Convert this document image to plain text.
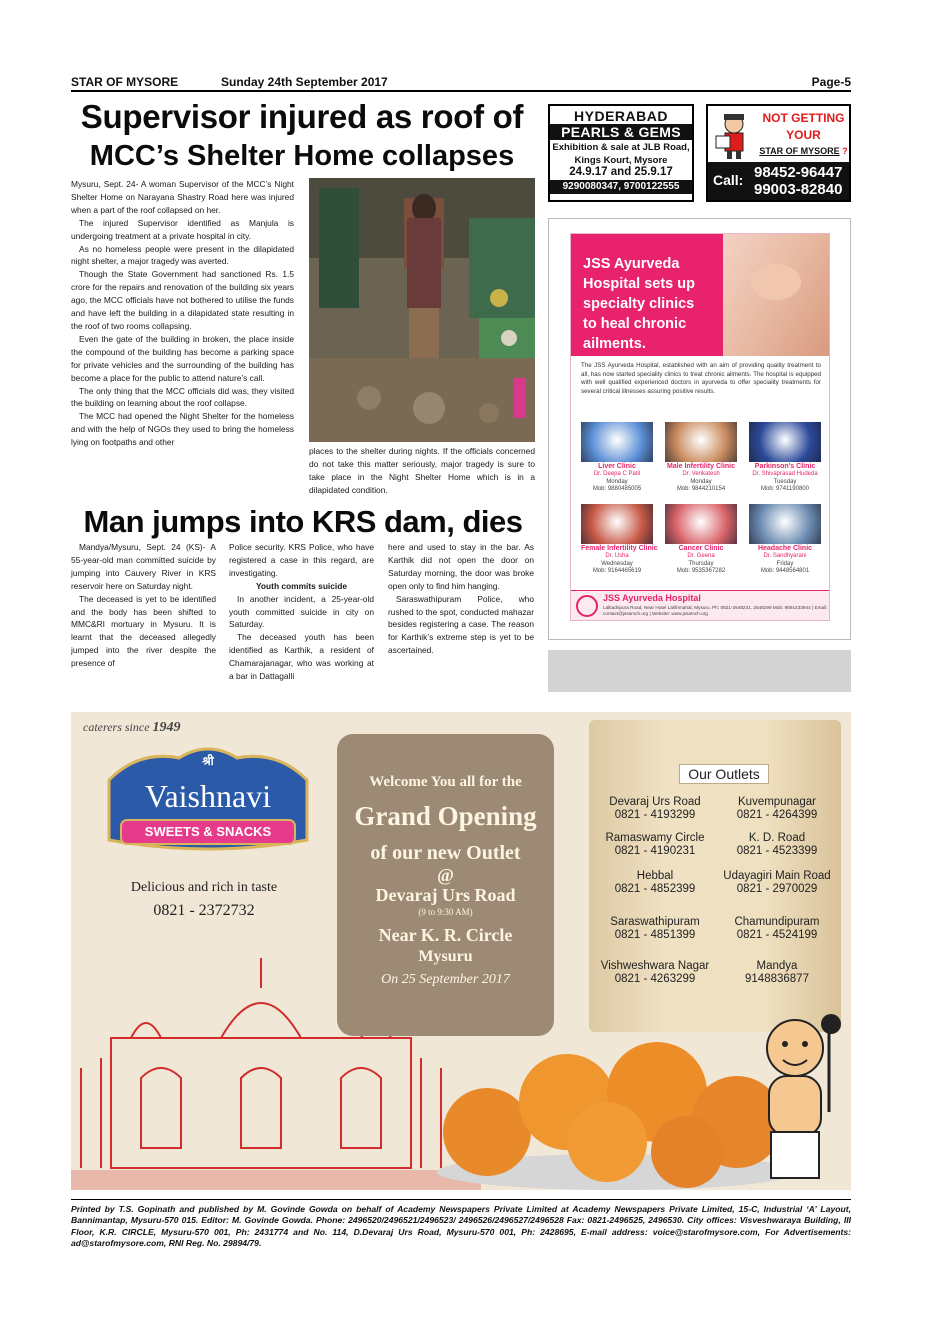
STAR OF MYSORE	Sunday 24th September 2017	Page-5
Supervisor injured as roof of
MCC’s Shelter Home collapses

Mysuru, Sept. 24- A woman Supervisor of the MCC’s Night Shelter Home on Narayana Shastry Road here was injured when a part of the roof collapsed on her.

The injured Supervisor identified as Manjula is undergoing treatment at a private hospital in city.

As no homeless people were present in the dilapidated night shelter, a major tragedy was averted.

Though the State Government had sanctioned Rs. 1.5 crore for the repairs and renovation of the building six years ago, the MCC officials have not bothered to utilise the funds and have left the building in a dilapidated state resulting in the roof of two rooms collapsing.

Even the gate of the building in broken, the place inside the compound of the building has become a parking space for private vehicles and the surrounding of the building has become a place for the public to attend nature’s call.

The only thing that the MCC officials did was, they visited the building on learning about the roof collapse.

The MCC had opened the Night Shelter for the homeless and with the help of NGOs they used to bring the homeless lying on footpaths and other

places to the shelter during nights. If the officials concerned do not take this matter seriously, major tragedy is sure to take place in the Night Shelter Home which is in a dilapidated condition.

Man jumps into KRS dam, dies

Mandya/Mysuru, Sept. 24 (KS)- A 55-year-old man committed suicide by jumping into Cauvery River in KRS reservoir here on Saturday night.

The deceased is yet to be identified and the body has been shifted to MMC&RI mortuary in Mysuru. It is learnt that the deceased allegedly jumped into the river despite the presence of

Police security. KRS Police, who have registered a case in this regard, are investigating.

Youth commits suicide

In another incident, a 25-year-old youth committed suicide in city on Saturday.

The deceased youth has been identified as Karthik, a resident of Chamarajanagar, who was working at a bar in Dattagalli

here and used to stay in the bar. As Karthik did not open the door on Saturday morning, the door was broke open only to find him hanging.

Saraswathipuram Police, who rushed to the spot, conducted mahazar besides registering a case. The reason for Karthik’s extreme step is yet to be ascertained.

HYDERABAD
PEARLS & GEMS
Exhibition & sale at JLB Road,
Kings Kourt, Mysore
24.9.17 and 25.9.17
9290080347, 9700122555
NOT GETTING
YOUR
STAR OF MYSORE ?
Call: 98452-96447
99003-82840
JSS Ayurveda
Hospital sets up
specialty clinics
to heal chronic
ailments.
The JSS Ayurveda Hospital, established with an aim of providing quality treatment to all, has now started speciality clinics to treat chronic ailments. The hospital is equipped with well qualified experienced doctors in ayurveda to offer speciality treatments for several critical illnesses assuring positive results.
Liver Clinic
Dr. Deepa C Patil
Monday
Mob: 9880485005
Male Infertility Clinic
Dr. Venkatesh
Monday
Mob: 9844210154
Parkinson's Clinic
Dr. Shivaprasad Hudeda
Tuesday
Mob: 9741190800
Female Infertility Clinic
Dr. Usha
Wednesday
Mob: 9164465619
Cancer Clinic
Dr. Geena
Thursday
Mob: 9535367282
Headache Clinic
Dr. Sandhyarani
Friday
Mob: 9448564801
JSS Ayurveda Hospital
Lalitadripura Road, Near Hotel Lalithmahal, Mysuru. Ph: 0821-2548231, 2548299 Mob: 9591433944 | Email: contact@jssamch.org | Website: www.jssamch.org
caterers since 1949
श्री
Vaishnavi
SWEETS & SNACKS
Delicious and rich in taste
0821 - 2372732
Welcome You all for the
Grand Opening
of our new Outlet
@
Devaraj Urs Road
(9 to 9:30 AM)
Near K. R. Circle
Mysuru
On 25 September 2017
Our Outlets
Devaraj Urs Road
0821 - 4193299
Kuvempunagar
0821 - 4264399
Ramaswamy Circle
0821 - 4190231
K. D. Road
0821 - 4523399
Hebbal
0821 - 4852399
Udayagiri Main Road
0821 - 2970029
Saraswathipuram
0821 - 4851399
Chamundipuram
0821 - 4524199
Vishweshwara Nagar
0821 - 4263299
Mandya
9148836877
Printed by T.S. Gopinath and published by M. Govinde Gowda on behalf of Academy Newspapers Private Limited at Academy Newspapers Private Limited, 15-C, Industrial ‘A’ Layout, Bannimantap, Mysuru-570 015. Editor: M. Govinde Gowda. Phone: 2496520/2496521/2496523/ 2496526/2496527/2496528 Fax: 0821-2496525, 2496530. City offices: Visveshwaraya Building, III Floor, K.R. CIRCLE, Mysuru-570 001, Ph: 2431774 and No. 114, D.Devaraj Urs Road, Mysuru-570 001, Ph: 2428695, E-mail address: voice@starofmysore.com, For Advertisements: ad@starofmysore.com, RNI Reg. No. 29894/79.
